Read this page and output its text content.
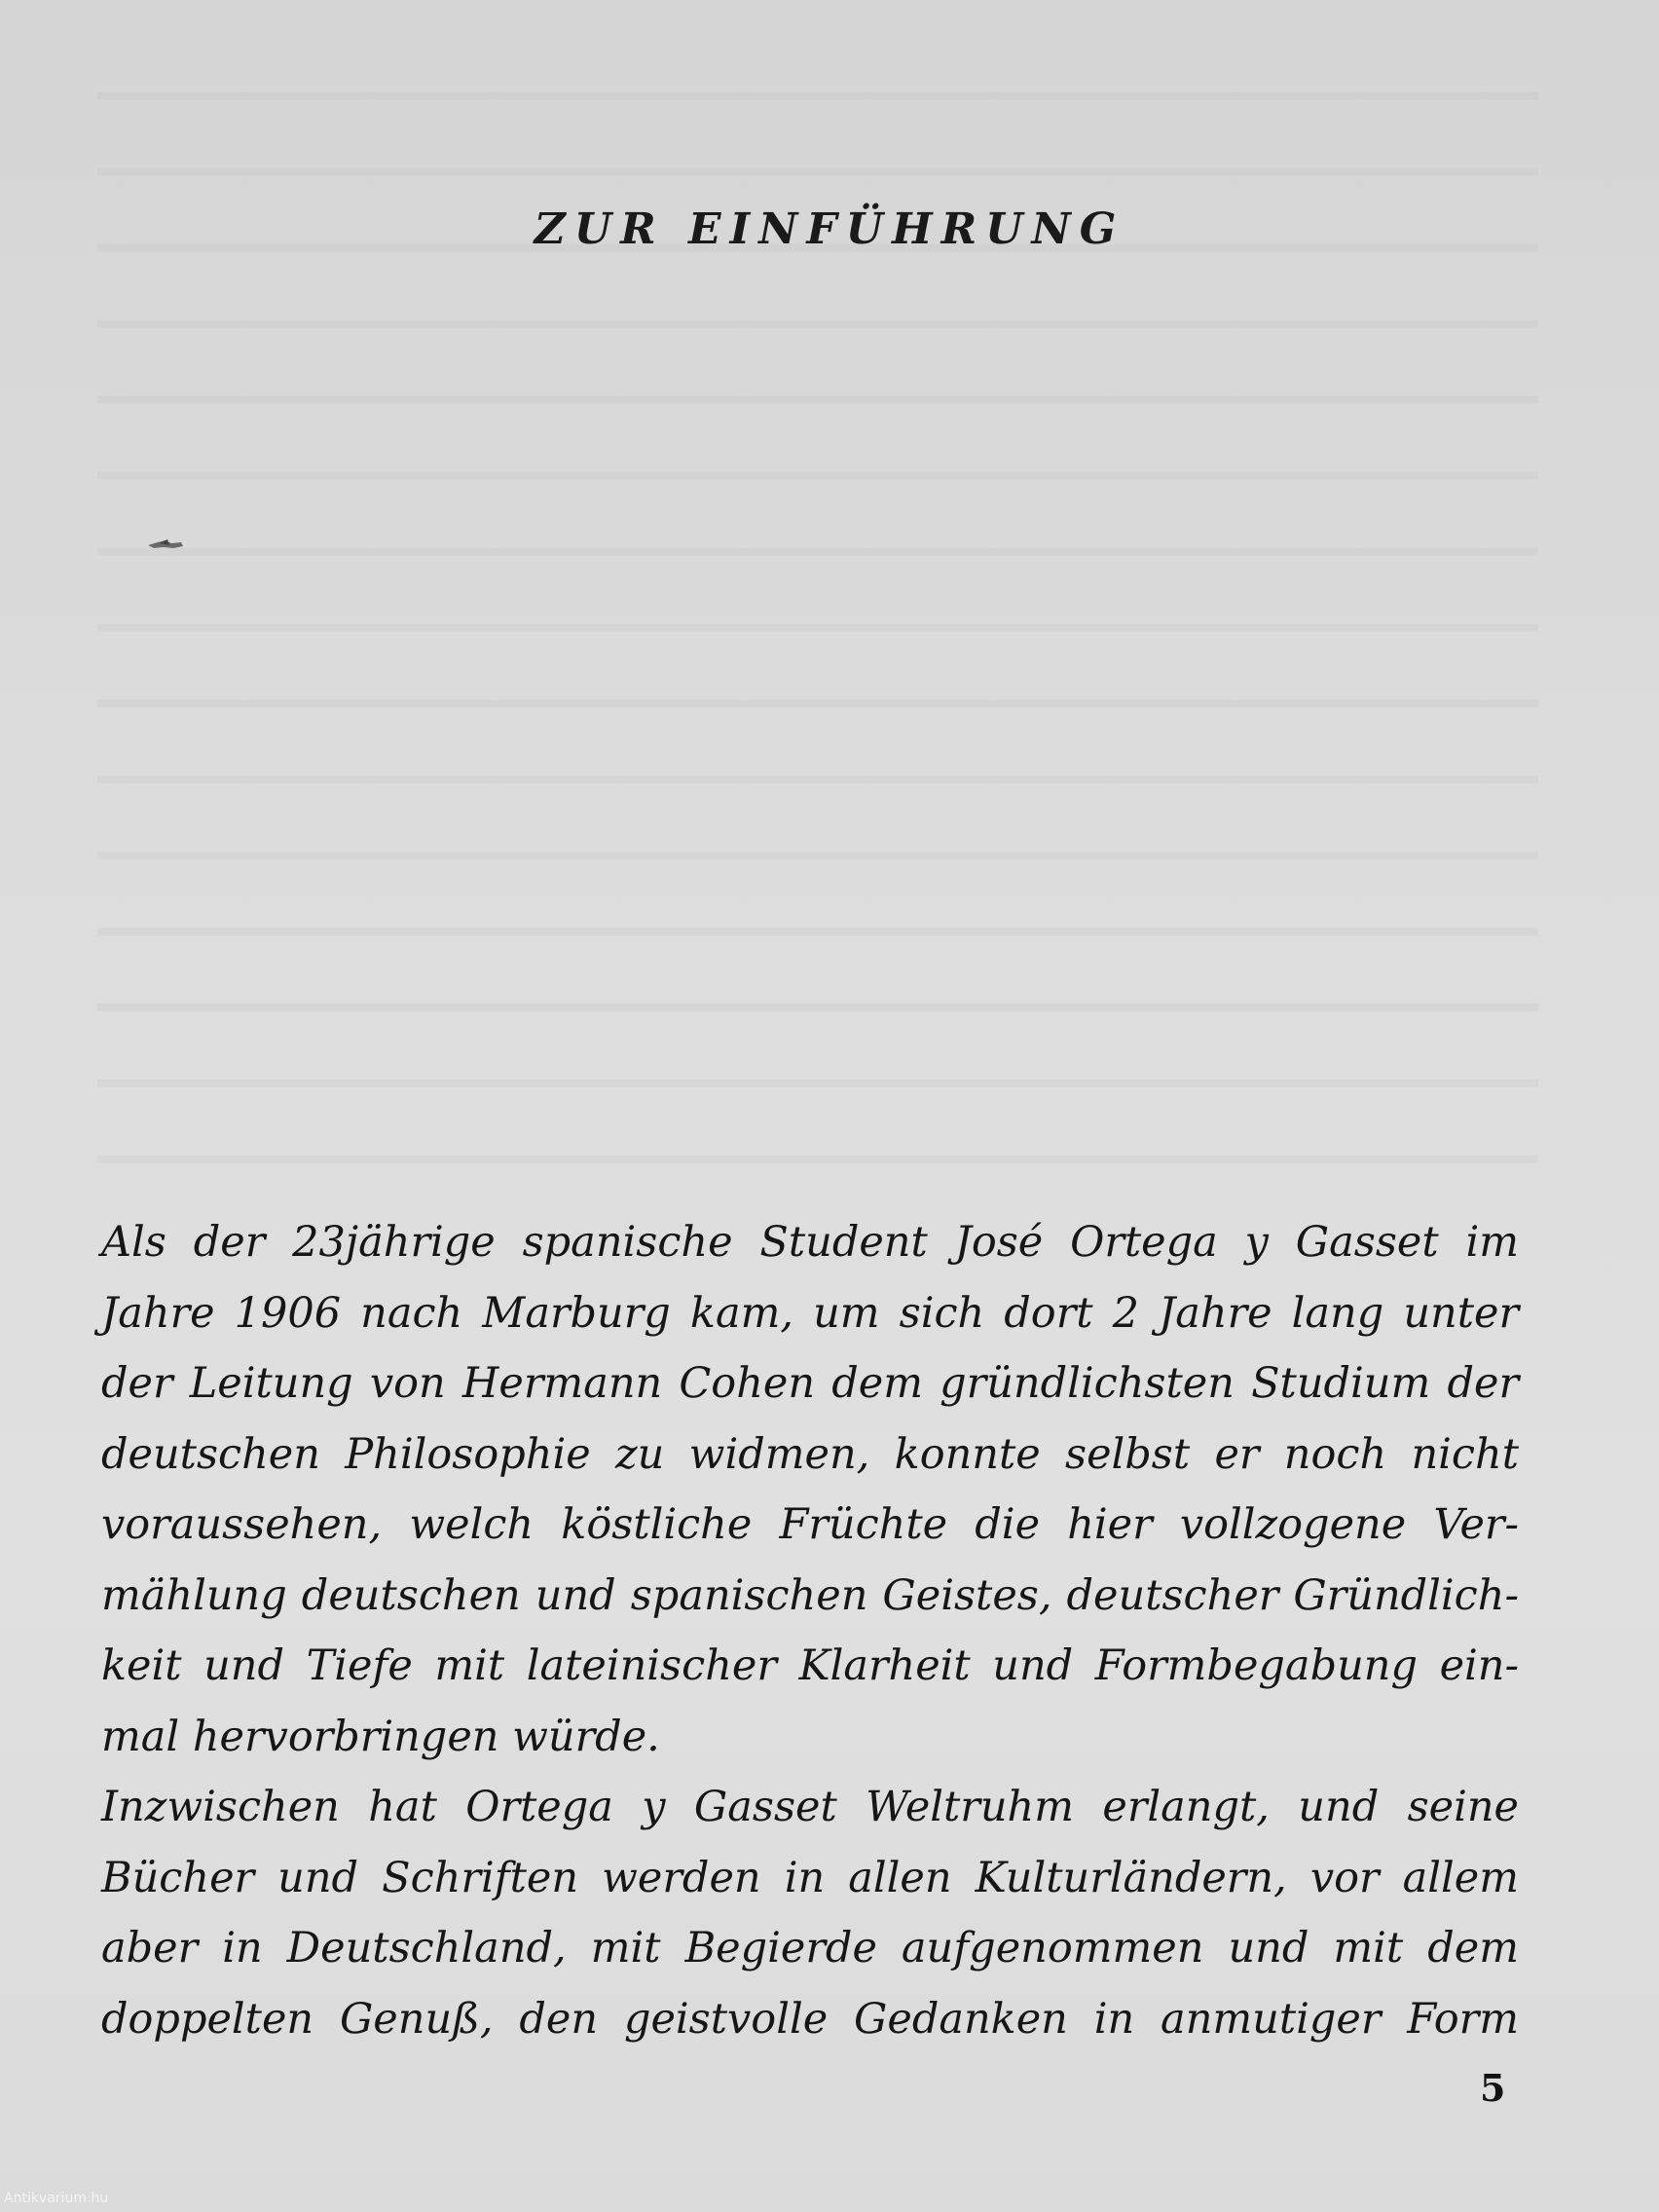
ZUR EINFÜHRUNG

Als der 23jährige spanische Student José Ortega y Gasset im
Jahre 1906 nach Marburg kam, um sich dort 2 Jahre lang unter
der Leitung von Hermann Cohen dem gründlichsten Studium der
deutschen Philosophie zu widmen, konnte selbst er noch nicht
voraussehen, welch köstliche Früchte die hier vollzogene Ver-
mählung deutschen und spanischen Geistes, deutscher Gründlich-
keit und Tiefe mit lateinischer Klarheit und Formbegabung ein-
mal hervorbringen würde.
Inzwischen hat Ortega y Gasset Weltruhm erlangt, und seine
Bücher und Schriften werden in allen Kulturländern, vor allem
aber in Deutschland, mit Begierde aufgenommen und mit dem
doppelten Genuß, den geistvolle Gedanken in anmutiger Form

5

Antikvarium.hu
